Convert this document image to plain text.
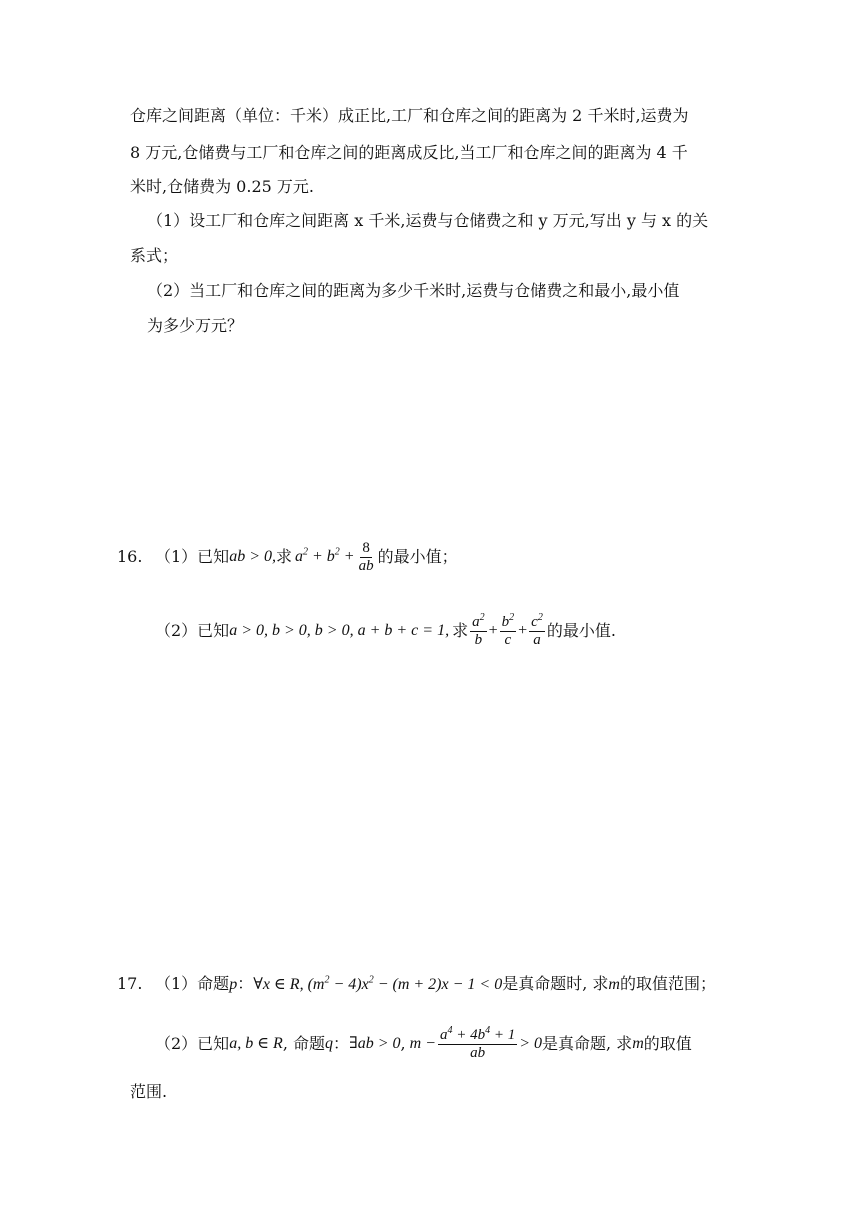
仓库之间距离（单位：千米）成正比,工厂和仓库之间的距离为 2 千米时,运费为
8 万元,仓储费与工厂和仓库之间的距离成反比,当工厂和仓库之间的距离为 4 千
米时,仓储费为 0.25 万元.
（1）设工厂和仓库之间距离 x 千米,运费与仓储费之和 y 万元,写出 y 与 x 的关
系式；
（2）当工厂和仓库之间的距离为多少千米时,运费与仓储费之和最小,最小值
为多少万元？
16. （1）已知 ab > 0, 求 $a^2 + b^2 + \frac{8}{ab}$ 的最小值；
（2）已知 a > 0, b > 0, b > 0, a + b + c = 1, 求 $\frac{a^2}{b} + \frac{b^2}{c} + \frac{c^2}{a}$ 的最小值.
17. （1）命题p：∀x ∈ R, $(m^2 - 4)x^2 - (m + 2)x - 1 < 0$是真命题时, 求m的取值范围；
（2）已知 a, b ∈ R , 命题 q ： ∃ab > 0 , $m - \frac{a^4 + 4b^4 + 1}{ab} > 0$ 是真命题, 求 m 的取值
范围.
